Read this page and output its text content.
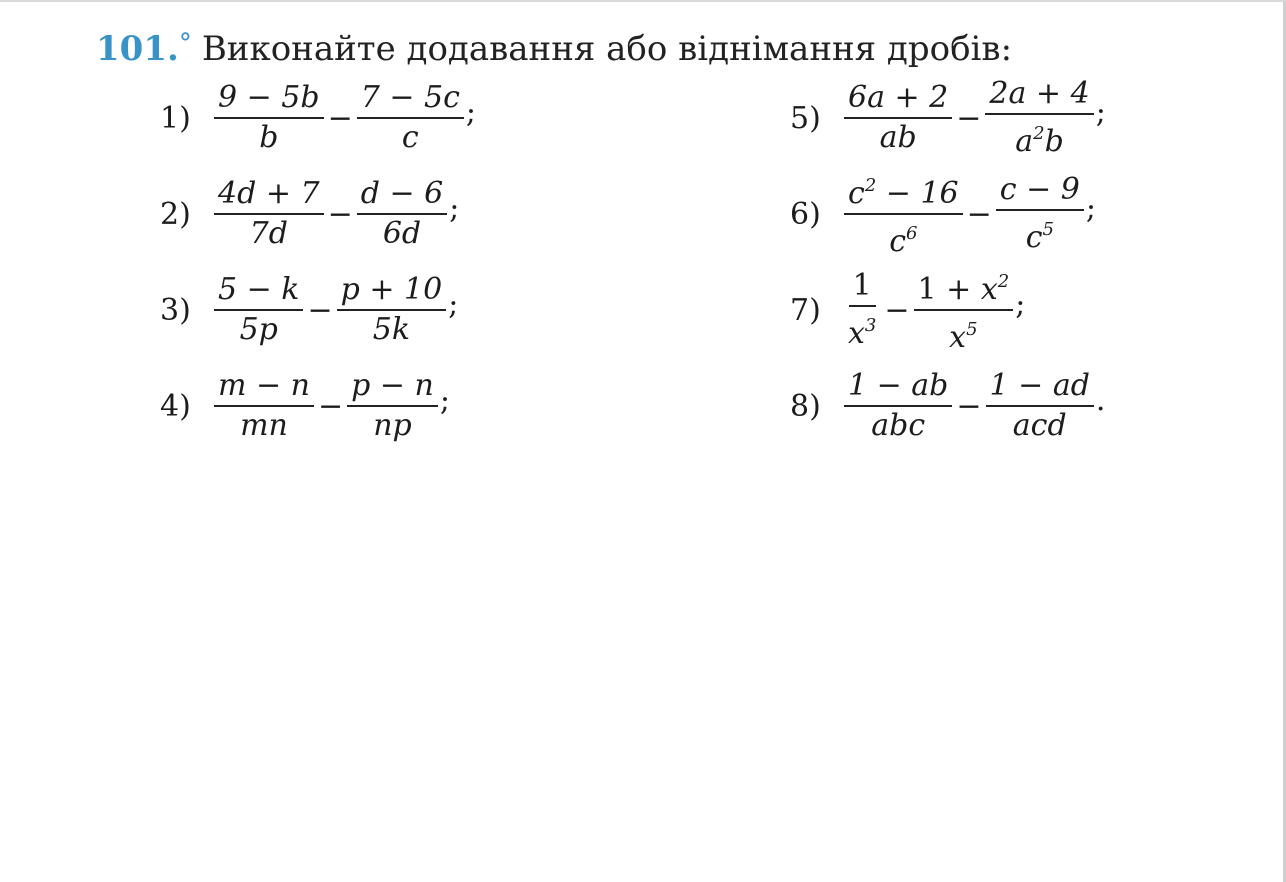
101.° Виконайте додавання або віднімання дробів:
$1) \frac{9 - 5b}{b} - \frac{7 - 5c}{c}$ ;
$2) \frac{4d + 7}{7d} - \frac{d - 6}{6d}$ ;
$3) \frac{5 - k}{5p} - \frac{p + 10}{5k}$ ;
$4) \frac{m - n}{mn} - \frac{p - n}{np}$ ;
$5) \frac{6a + 2}{ab} - \frac{2a + 4}{a^2b}$ ;
$6) \frac{c^2 - 16}{c^6} - \frac{c - 9}{c^5}$ ;
$7) \frac{1}{x^3} - \frac{1 + x^2}{x^5}$ ;
$8) \frac{1 - ab}{\text{abc}} - \frac{1 - ad}{\text{acd}}$ .
